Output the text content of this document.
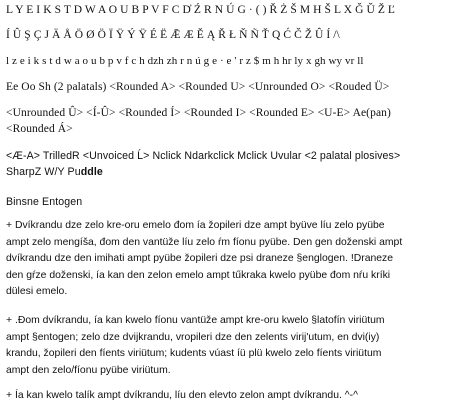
L Y E I K S T D W A O U B P V F C D̓ Ź R N Ú G · ( ) Ř Ż Š M H Š L X Ǧ Ǔ Ž Ľ
Í Û Ş Ç J Ä Å Ö Ø Ö Ï Ÿ Ý Ÿ É Ë Ǣ Æ Ě Ą Ř Ł Ň Ñ Ť Q Ć Č Ž Û Í /\
l z e i k s t d w a o u b p v f c h dzh zh r n ú g e · e ' r z $ m h hr ly x gh wy vr ll
Ee Oo Sh (2 palatals) <Rounded A> <Rounded U> <Unrounded O> <Rouded Ü>
<Unrounded Û> <Í-Û> <Rounded Í> <Rounded I> <Rounded E> <U-E> Ae(pan)
<Rounded Á>
<Æ-A> TrilledR <Unvoiced Ĺ> Nclick Ndarkclick Mclick Uvular <2 palatal plosives>
SharpZ W/Y Puddle
Binsne Entogen
+ Dvíkrandu dze zelo kre-oru emelo đom ía žopileri dze ampt byüve líu zelo pyübe
ampt zelo mengíša, đom den vantüže líu zelo ŕm fíonu pyübe. Den gen doženski ampt
dvíkrandu dze den imihati ampt pyübe žopileri dze psi draneze §englogen. !Draneze
den gŕze doženski, ía kan den zelon emelo ampt tűkraka kwelo pyübe đom nŕu kríki
dülesi emelo.
+ .Đom dvíkrandu, ía kan kwelo fíonu vantüže ampt kre-oru kwelo §latofín viriütum
ampt §entogen; zelo dze dvijkrandu, vropileri dze den zelents virij'utum, en dvi(iy)
krandu, žopileri den fíents viriütum; kudents vúast íü plü kwelo zelo fíents viriütum
ampt den zelo/fíonu pyübe viriütum.
+ Ía kan kwelo talík ampt dvíkrandu, líu den elevto zelon ampt dvíkrandu. ^-^
